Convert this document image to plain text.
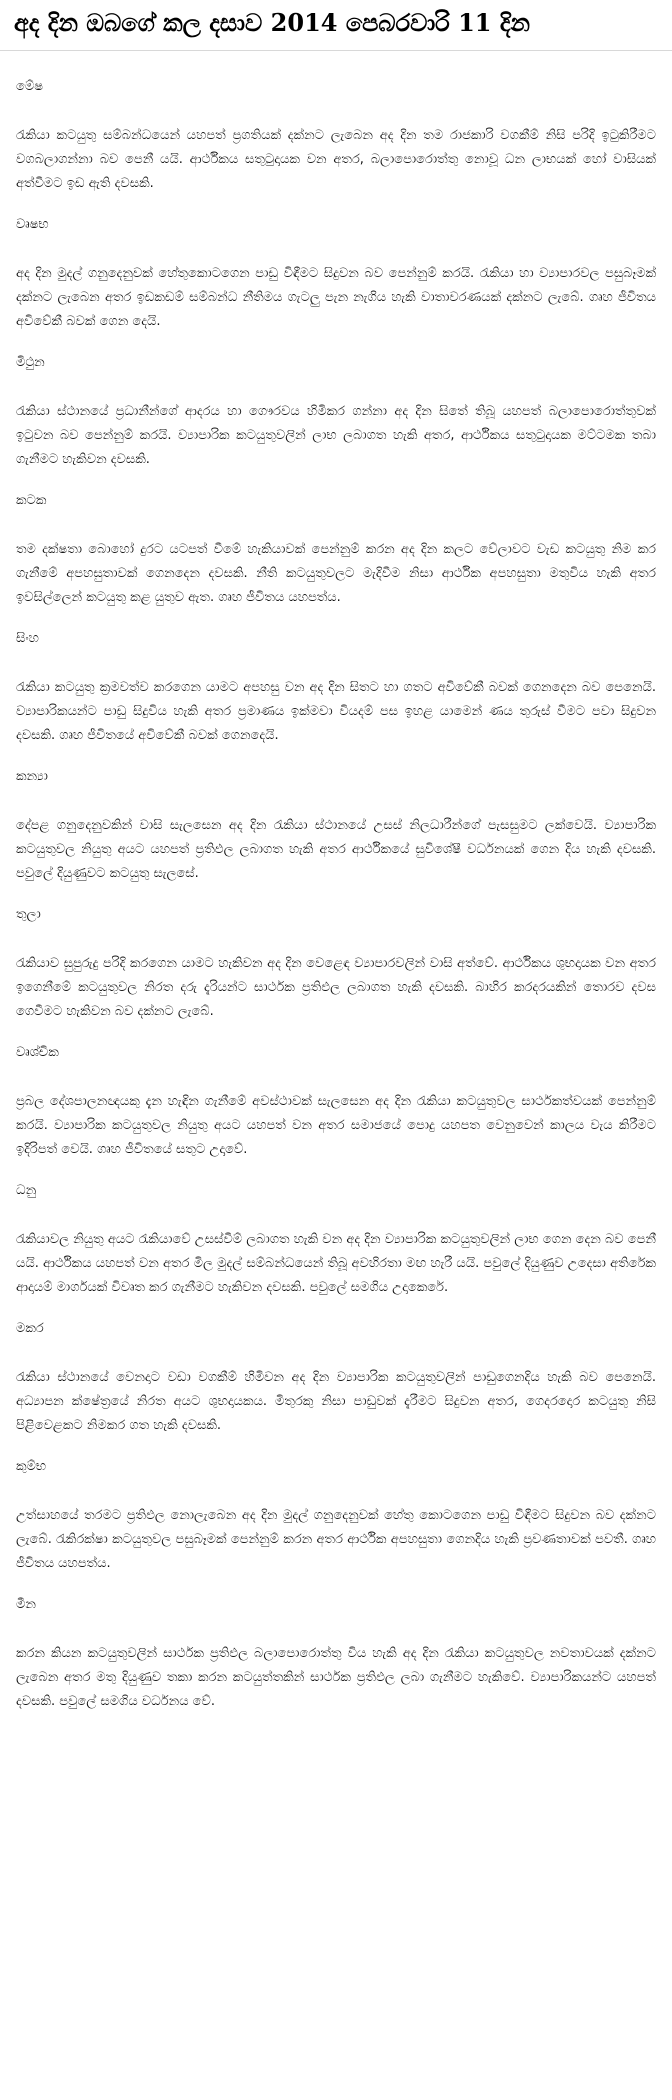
අද දින ඔබගේ කල දසාව 2014 පෙබරවාරි 11 දින

මේෂ

රැකියා කටයුතු සම්බන්ධයෙන් යහපත් ප්‍රගතියක් දක්නට ලැබෙන අද දින තම රාජකාරි වගකීම් නිසි පරිදි ඉටුකිරීමට වගබලාගන්නා බව පෙනී යයි. ආර්ථිකය සතුටුදායක වන අතර, බලාපොරොත්තු නොවූ ධන ලාභයක් හෝ වාසියක් අත්වීමට ඉඩ ඇති දවසකි.

වෘෂභ

අද දින මුදල් ගනුදෙනුවක් හේතුකොටගෙන පාඩු විඳීමට සිදුවන බව පෙන්නුම් කරයි. රැකියා හා ව්‍යාපාරවල පසුබෑමක් දක්නට ලැබෙන අතර ඉඩකඩම් සම්බන්ධ නීතිමය ගැටලු පැන නැගිය හැකි වාතාවරණයක් දක්නට ලැබේ. ගෘහ ජීවිතය අවිවේකී බවක් ගෙන දෙයි.

මිථුන

රැකියා ස්ථානයේ ප්‍රධානීන්ගේ ආදරය හා ගෞරවය හිමිකර ගන්නා අද දින සිතේ තිබූ යහපත් බලාපොරොත්තුවක් ඉටුවන බව පෙන්නුම් කරයි. ව්‍යාපාරික කටයුතුවලින් ලාභ ලබාගත හැකි අතර, ආර්ථිකය සතුටුදායක මට්ටමක තබා ගැනීමට හැකිවන දවසකි.

කටක

තම දක්ෂතා බොහෝ දුරට යටපත් වීමේ හැකියාවක් පෙන්නුම් කරන අද දින කලට වේලාවට වැඩ කටයුතු නිම කර ගැනීමේ අපහසුතාවක් ගෙනදෙන දවසකි. නීති කටයුතුවලට මැදිවීම නිසා ආර්ථික අපහසුතා මතුවිය හැකි අතර ඉවසිල්ලෙන් කටයුතු කළ යුතුව ඇත. ගෘහ ජීවිතය යහපත්ය.

සිංහ

රැකියා කටයුතු ක්‍රමවත්ව කරගෙන යාමට අපහසු වන අද දින සිතට හා ගතට අවිවේකී බවක් ගෙනදෙන බව පෙනෙයි. ව්‍යාපාරිකයන්ට පාඩු සිදුවිය හැකි අතර ප්‍රමාණය ඉක්මවා වියදම් පස ඉහළ යාමෙන් ණය තුරුස් වීමට පවා සිදුවන දවසකි. ගෘහ ජීවිතයේ අවිවේකී බවක් ගෙනදෙයි.

කන්‍යා

දේපළ ගනුදෙනුවකින් වාසි සැලසෙන අද දින රැකියා ස්ථානයේ උසස් නිලධාරීන්ගේ පැසසුමට ලක්වෙයි. ව්‍යාපාරික කටයුතුවල නියුතු අයට යහපත් ප්‍රතිඵල ලබාගත හැකි අතර ආර්ථිකයේ සුවිශේෂී වර්ධනයක් ගෙන දිය හැකි දවසකි. පවුලේ දියුණුවට කටයුතු සැලසේ.

තුලා

රැකියාව සුපුරුදු පරිදි කරගෙන යාමට හැකිවන අද දින වෙළෙඳ ව්‍යාපාරවලින් වාසි අත්වේ. ආර්ථිකය ශුභදායක වන අතර ඉගෙනීමේ කටයුතුවල නිරත දරු දැරියන්ට සාර්ථක ප්‍රතිඵල ලබාගත හැකි දවසකි. බාහිර කරදරයකින් තොරව දවස ගෙවීමට හැකිවන බව දක්නට ලැබේ.

වෘශ්චික

ප්‍රබල දේශපාලනඥයකු දැන හැඳින ගැනීමේ අවස්ථාවක් සැලසෙන අද දින රැකියා කටයුතුවල සාර්ථකත්වයක් පෙන්නුම් කරයි. ව්‍යාපාරික කටයුතුවල නියුතු අයට යහපත් වන අතර සමාජයේ පොදු යහපත වෙනුවෙන් කාලය වැය කිරීමට ඉදිරිපත් වෙයි. ගෘහ ජීවිතයේ සතුට උදාවේ.

ධනු

රැකියාවල නියුතු අයට රැකියාවේ උසස්වීම් ලබාගත හැකි වන අද දින ව්‍යාපාරික කටයුතුවලින් ලාභ ගෙන දෙන බව පෙනී යයි. ආර්ථිකය යහපත් වන අතර මිල මුදල් සම්බන්ධයෙන් තිබූ අවහිරතා මඟ හැරී යයි. පවුලේ දියුණුව උදෙසා අතිරේක ආදායම් මාර්ගයක් විවෘත කර ගැනීමට හැකිවන දවසකි. පවුලේ සමගිය උදාකෙරේ.

මකර

රැකියා ස්ථානයේ වෙනදාට වඩා වගකීම් හිමිවන අද දින ව්‍යාපාරික කටයුතුවලින් පාඩුගෙනදිය හැකි බව පෙනෙයි. අධ්‍යාපන ක්ෂේත්‍රයේ නිරත අයට ශුභදායකය. මිතුරකු නිසා පාඩුවක් දැරීමට සිදුවන අතර, ගෙදරදොර කටයුතු නිසි පිළිවෙළකට නිමකර ගත හැකි දවසකි.

කුම්භ

උත්සාහයේ තරමට ප්‍රතිඵල නොලැබෙන අද දින මුදල් ගනුදෙනුවක් හේතු කොටගෙන පාඩු විඳීමට සිදුවන බව දක්නට ලැබේ. රැකිරක්ෂා කටයුතුවල පසුබෑමක් පෙන්නුම් කරන අතර ආර්ථික අපහසුතා ගෙනදිය හැකි ප්‍රවණතාවක් පවතී. ගෘහ ජීවිතය යහපත්ය.

මීන

කරන කියන කටයුතුවලින් සාර්ථක ප්‍රතිඵල බලාපොරොත්තු විය හැකි අද දින රැකියා කටයුතුවල නවතාවයක් දක්නට ලැබෙන අතර මතු දියුණුව තකා කරන කටයුත්තකින් සාර්ථක ප්‍රතිඵල ලබා ගැනීමට හැකිවේ. ව්‍යාපාරිකයන්ට යහපත් දවසකි. පවුලේ සමගිය වර්ධනය වේ.
